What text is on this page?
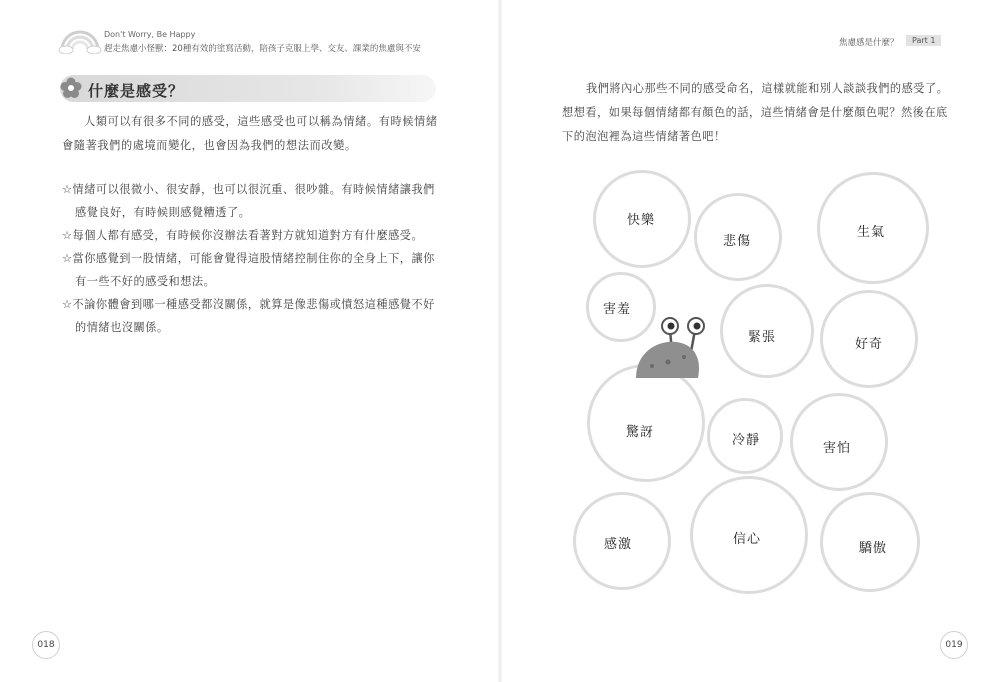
Don't Worry, Be Happy
趕走焦慮小怪獸：20種有效的塗寫活動，陪孩子克服上學、交友、課業的焦慮與不安
什麼是感受？
人類可以有很多不同的感受，這些感受也可以稱為情緒。有時候情緒會隨著我們的處境而變化，也會因為我們的想法而改變。
☆情緒可以很微小、很安靜，也可以很沉重、很吵雜。有時候情緒讓我們感覺良好，有時候則感覺糟透了。
☆每個人都有感受，有時候你沒辦法看著對方就知道對方有什麼感受。
☆當你感覺到一股情緒，可能會覺得這股情緒控制住你的全身上下，讓你有一些不好的感受和想法。
☆不論你體會到哪一種感受都沒關係，就算是像悲傷或憤怒這種感覺不好的情緒也沒關係。
018
焦慮感是什麼？	Part 1
我們將內心那些不同的感受命名，這樣就能和別人談談我們的感受了。想想看，如果每個情緒都有顏色的話，這些情緒會是什麼顏色呢？然後在底下的泡泡裡為這些情緒著色吧！
快樂
悲傷
生氣
害羞
緊張	好奇
驚訝
冷靜
害怕
感激	信心
驕傲
019
